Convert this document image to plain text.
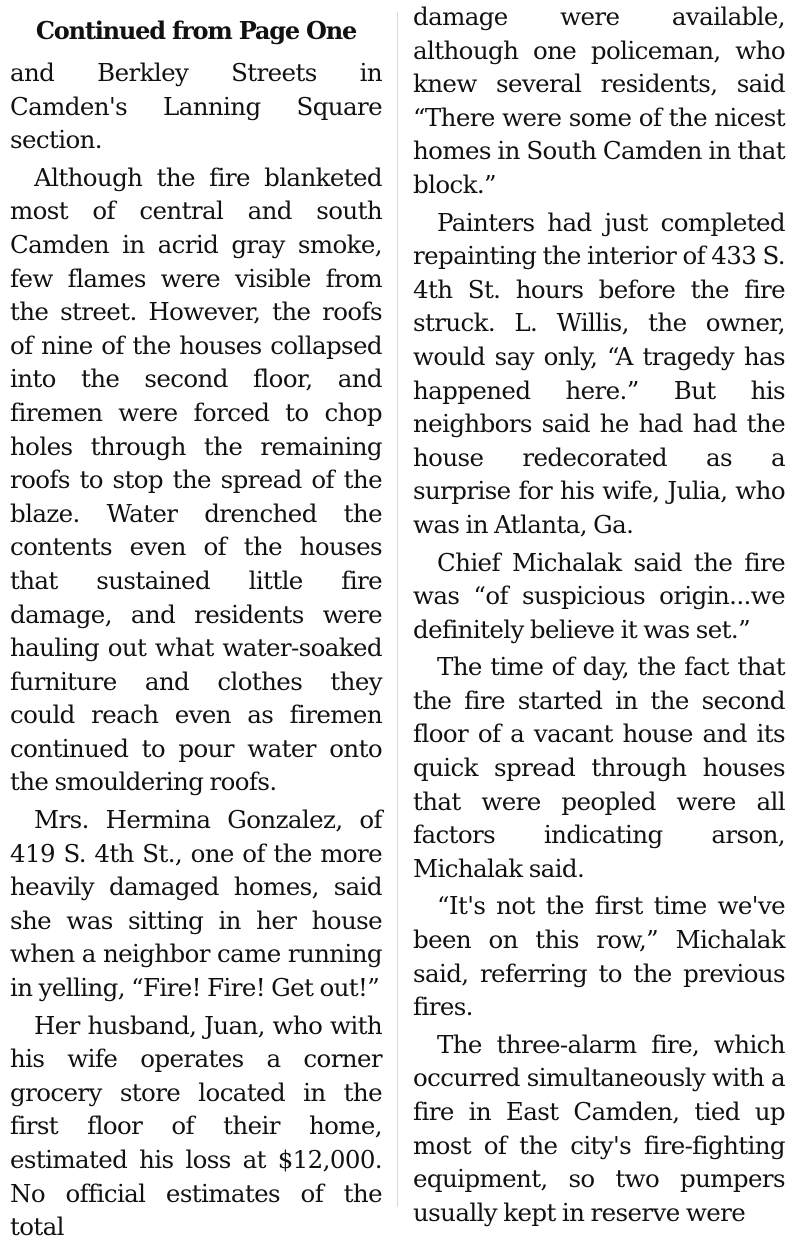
Continued from Page One

and Berkley Streets in Camden's Lanning Square section.

Although the fire blanketed most of central and south Camden in acrid gray smoke, few flames were visible from the street. However, the roofs of nine of the houses collapsed into the second floor, and firemen were forced to chop holes through the remaining roofs to stop the spread of the blaze. Water drenched the contents even of the houses that sustained little fire damage, and residents were hauling out what water-soaked furniture and clothes they could reach even as firemen continued to pour water onto the smouldering roofs.

Mrs. Hermina Gonzalez, of 419 S. 4th St., one of the more heavily damaged homes, said she was sitting in her house when a neighbor came running in yelling, “Fire! Fire! Get out!”

Her husband, Juan, who with his wife operates a corner grocery store located in the first floor of their home, estimated his loss at $12,000. No official estimates of the total

damage were available, although one policeman, who knew several residents, said “There were some of the nicest homes in South Camden in that block.”

Painters had just completed repainting the interior of 433 S. 4th St. hours before the fire struck. L. Willis, the owner, would say only, “A tragedy has happened here.” But his neighbors said he had had the house redecorated as a surprise for his wife, Julia, who was in Atlanta, Ga.

Chief Michalak said the fire was “of suspicious origin...we definitely believe it was set.”

The time of day, the fact that the fire started in the second floor of a vacant house and its quick spread through houses that were peopled were all factors indicating arson, Michalak said.

“It's not the first time we've been on this row,” Michalak said, referring to the previous fires.

The three-alarm fire, which occurred simultaneously with a fire in East Camden, tied up most of the city's fire-fighting equipment, so two pumpers usually kept in reserve were
